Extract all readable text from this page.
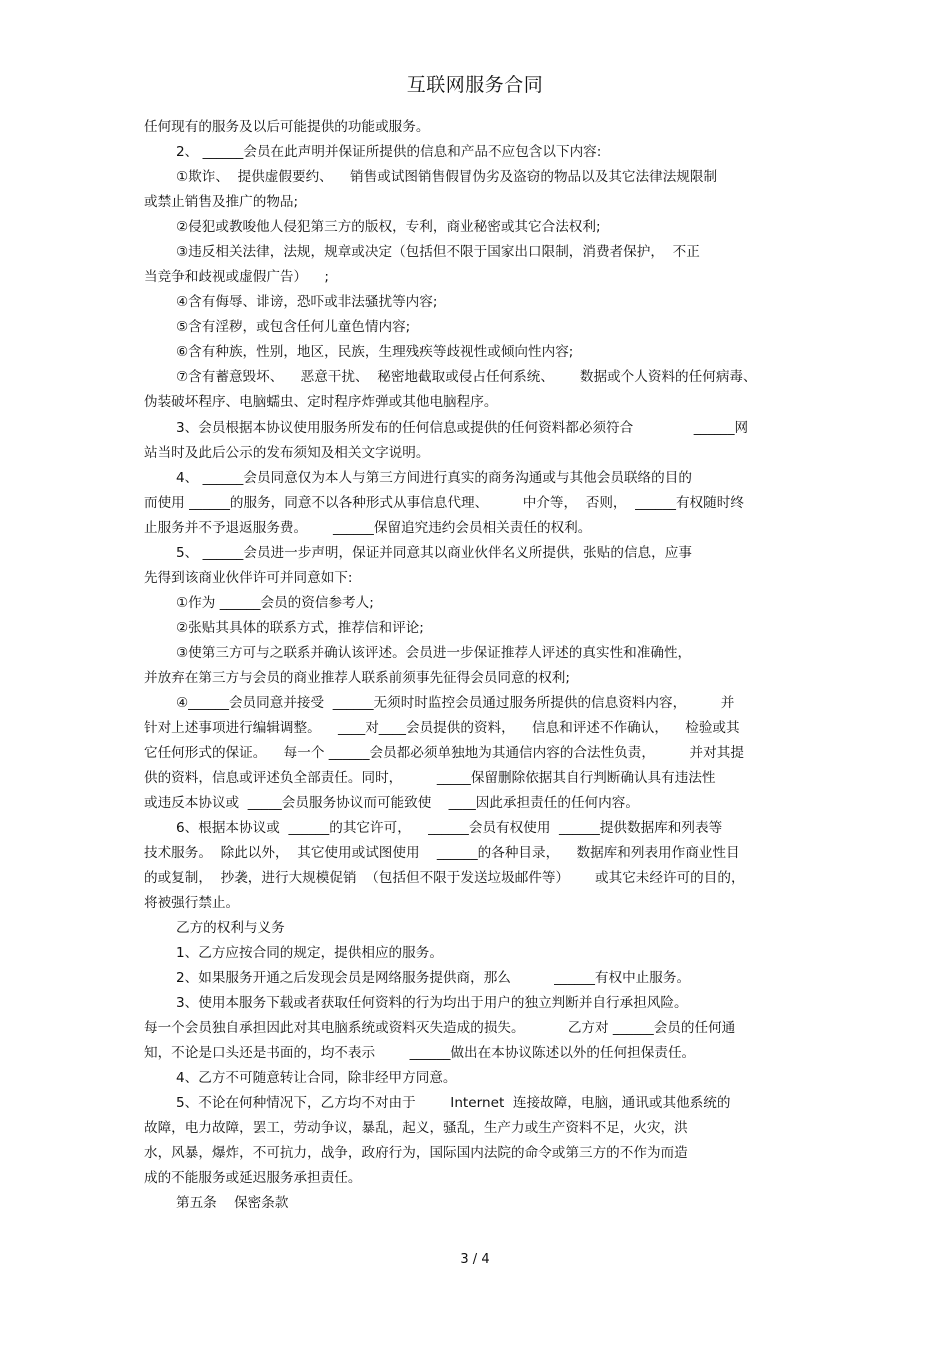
互联网服务合同
任何现有的服务及以后可能提供的功能或服务。
2、 ______会员在此声明并保证所提供的信息和产品不应包含以下内容:
①欺诈、  提供虚假要约、    销售或试图销售假冒伪劣及盗窃的物品以及其它法律法规限制
或禁止销售及推广的物品;
②侵犯或教唆他人侵犯第三方的版权，专利，商业秘密或其它合法权利;
③违反相关法律，法规，规章或决定（包括但不限于国家出口限制，消费者保护，  不正
当竞争和歧视或虚假广告）    ;
④含有侮辱、诽谤，恐吓或非法骚扰等内容;
⑤含有淫秽，或包含任何儿童色情内容;
⑥含有种族，性别，地区，民族，生理残疾等歧视性或倾向性内容;
⑦含有蓄意毁坏、    恶意干扰、  秘密地截取或侵占任何系统、      数据或个人资料的任何病毒、
伪装破坏程序、电脑蠕虫、定时程序炸弹或其他电脑程序。
3、会员根据本协议使用服务所发布的任何信息或提供的任何资料都必须符合              ______网
站当时及此后公示的发布须知及相关文字说明。
4、 ______会员同意仅为本人与第三方间进行真实的商务沟通或与其他会员联络的目的
而使用 ______的服务，同意不以各种形式从事信息代理、        中介等，  否则，  ______有权随时终
止服务并不予退返服务费。      ______保留追究违约会员相关责任的权利。
5、 ______会员进一步声明，保证并同意其以商业伙伴名义所提供，张贴的信息，应事
先得到该商业伙伴许可并同意如下:
①作为 ______会员的资信参考人;
②张贴其具体的联系方式，推荐信和评论;
③使第三方可与之联系并确认该评述。会员进一步保证推荐人评述的真实性和准确性，
并放弃在第三方与会员的商业推荐人联系前须事先征得会员同意的权利;
④______会员同意并接受  ______无须时时监控会员通过服务所提供的信息资料内容，        并
针对上述事项进行编辑调整。    ____对____会员提供的资料，    信息和评述不作确认，    检验或其
它任何形式的保证。    每一个 ______会员都必须单独地为其通信内容的合法性负责，        并对其提
供的资料，信息或评述负全部责任。同时，        _____保留删除依据其自行判断确认具有违法性
或违反本协议或  _____会员服务协议而可能致使    ____因此承担责任的任何内容。
6、根据本协议或  ______的其它许可，    ______会员有权使用  ______提供数据库和列表等
技术服务。  除此以外，  其它使用或试图使用    ______的各种目录，    数据库和列表用作商业性目
的或复制，  抄袭，进行大规模促销  （包括但不限于发送垃圾邮件等）      或其它未经许可的目的，
将被强行禁止。
乙方的权利与义务
1、乙方应按合同的规定，提供相应的服务。
2、如果服务开通之后发现会员是网络服务提供商，那么          ______有权中止服务。
3、使用本服务下载或者获取任何资料的行为均出于用户的独立判断并自行承担风险。
每一个会员独自承担因此对其电脑系统或资料灭失造成的损失。          乙方对 ______会员的任何通
知，不论是口头还是书面的，均不表示        ______做出在本协议陈述以外的任何担保责任。
4、乙方不可随意转让合同，除非经甲方同意。
5、不论在何种情况下，乙方均不对由于        Internet  连接故障，电脑，通讯或其他系统的
故障，电力故障，罢工，劳动争议，暴乱，起义，骚乱，生产力或生产资料不足，火灾，洪
水，风暴，爆炸，不可抗力，战争，政府行为，国际国内法院的命令或第三方的不作为而造
成的不能服务或延迟服务承担责任。
第五条    保密条款
3 / 4
